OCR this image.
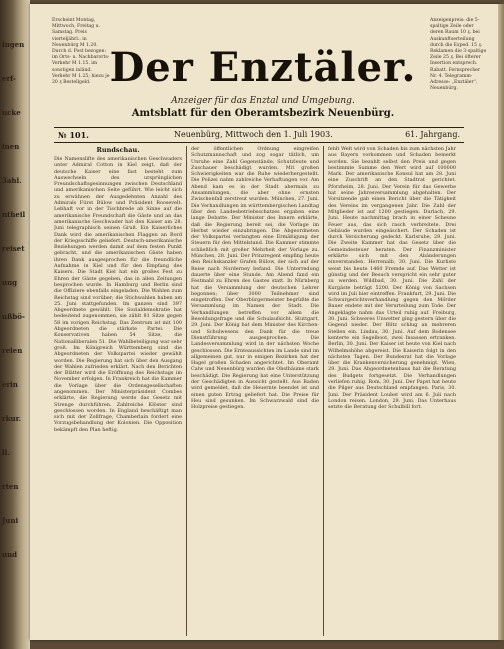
ingen
erf-
ucke
inen
3ahl.
ntheil
reiset
ung
ußbö-
reien
erin
rkur.
ll.
rten
Juni
und
Erscheint Montag, Mittwoch, Freitag u. Samstag. Preis vierteljährl.: in Neuenbürg M 1.20. Durch d. Post bezogen: im Orts- u. Nachbarorts-Verkehr M 1.15. im sonstigen inländ. Verkehr M 1.25; hiezu je 20 ₰ Bestellgeld. Der Enztäler.
Anzeiger für das Enztal und Umgebung.
Amtsblatt für den Oberamtsbezirk Neuenbürg.
Anzeigenpreis: die 5-spaltige Zeile oder deren Raum 10 ₰. bei Auskunftserteilung durch die Exped. 15 ₰. Reklamen die 3-spaltige Zeile 25 ₰. Bei öfterer Insertion entsprech. Rabatt. Fernsprecher Nr. 4. Telegramm-Adresse: „Enztäler", Neuenbürg.
№ 101.	Neuenbürg, Mittwoch den 1. Juli 1903.	61. Jahrgang.
Rundschau.
Die Namenslifte des amerikanischen Geschwaders unter Admiral Cotton in Kiel zeigt, daß der deutsche Kaiser eine fast besteht zum Auswechseln des ursprünglichen Freundschaftsgesinnungen zwischen Deutschland und amerikanischen Seite geführt. Wie leicht sich zu erwähnen der Ausgedehnten Anzahl des Admirals Fürst Bülow und Präsident Roosevelt. Lebhaft vor in der Tischbrede ab Sinne auf die amerikanische Freundschaft die Gäste und an das amerikanische Geschwader hat den Kaiser am 28. Juni telegraphisch seinen Gruß. Ein Kaiserliches Dank wird die amerikanischen Flaggen an Bord der Kriegsschiffe geliefert. Deutsch-amerikanische Beziehungen werden damit auf dem festen Punkt gebracht, und die amerikanischen Gäste haben ihren Dank ausgesprochen für die freundliche Aufnahme in Kiel und für den Empfang des Kaisers. Die Stadt Kiel hat ein großes Fest zu Ehren der Gäste gegeben, das in allen Zeitungen besprochen wurde. In Hamburg und Berlin sind die Offiziere ebenfalls eingeladen. Die Wahlen zum Reichstag sind vorüber; die Stichwahlen haben am 25. Juni stattgefunden. Im ganzen sind 397 Abgeordnete gewählt. Die Sozialdemokratie hat bedeutend zugenommen, sie zählt 81 Sitze gegen 58 im vorigen Reichstag. Das Zentrum ist mit 100 Abgeordneten die stärkste Partei. Die Konservativen haben 54 Sitze, die Nationalliberalen 51. Die Wahlbeteiligung war sehr groß. Im Königreich Württemberg sind die Abgeordneten der Volkspartei wieder gewählt worden. Die Regierung hat sich über den Ausgang der Wahlen zufrieden erklärt. Nach den Berichten der Blätter wird die Eröffnung des Reichstags im November erfolgen. In Frankreich hat die Kammer die Vorlage über die Ordensgesellschaften angenommen. Der Ministerpräsident Combes erklärte, die Regierung werde das Gesetz mit Strenge durchführen. Zahlreiche Klöster sind geschlossen worden. In England beschäftigt man sich mit der Zollfrage, Chamberlain fordert eine Vorzugsbehandlung der Kolonien. Die Opposition bekämpft den Plan heftig.
der öffentlichen Ordnung eingreifen Schutzmannschaft und zog sogar tätlich, um Unruhe eine Zahl Gegenstände, Schutzleute und Zuschauer beschädigt wurden. Mit großen Schwierigkeiten war die Ruhe wiederhergestellt. Die Polizei nahm zahlreiche Verhaftungen vor. Am Abend kam es in der Stadt abermals zu Ansammlungen, die aber ohne ernsten Zwischenfall zerstreut wurden. München, 27. Juni. Die Verhandlungen im württembergischen Landtag über den Landesbetriebsschatzes ergaben eine lange Debatte. Der Minister des Innern erklärte, daß die Regierung bereit sei, die Vorlage im Herbst wieder einzubringen. Die Abgeordneten der Volkspartei verlangten eine Ermäßigung der Steuern für den Mittelstand. Die Kammer stimmte schließlich mit großer Mehrheit der Vorlage zu. München, 28. Juni. Der Prinzregent empfing heute den Reichskanzler Grafen Bülow, der sich auf der Reise nach Norderney befand. Die Unterredung dauerte über eine Stunde. Am Abend fand ein Festmahl zu Ehren des Gastes statt. In Nürnberg hat die Versammlung der deutschen Lehrer begonnen; über 3000 Teilnehmer sind eingetroffen. Der Oberbürgermeister begrüßte die Versammlung im Namen der Stadt. Die Verhandlungen betreffen vor allem die Besoldungsfrage und die Schulaufsicht. Stuttgart, 29. Juni. Der König hat dem Minister des Kirchen- und Schulwesens den Dank für die treue Dienstführung ausgesprochen. Die Landesversammlung wird in der nächsten Woche geschlossen. Die Ernteaussichten im Lande sind im allgemeinen gut, nur in einigen Bezirken hat der Hagel großen Schaden angerichtet. Im Oberamt Calw und Neuenbürg wurden die Obstbäume stark beschädigt. Die Regierung hat eine Unterstützung der Geschädigten in Aussicht gestellt. Aus Baden wird gemeldet, daß die Heuernte beendet ist und einen guten Ertrag geliefert hat. Die Preise für Heu sind gesunken. Im Schwarzwald sind die Holzpreise gestiegen.
fehlt Welt wird von Schaden bis zum nächsten Jahr aus Bayern vorkommen und Schaden bemerkt worden. Sie bezahlt selbst den Preis und gegen bestimmte Summe den Wert wird auf 100000 Mark. Der amerikanische Konsul hat am 28. Juni eine Zuschrift an den Stadtrat gerichtet. Pforzheim, 28. Juni. Der Verein für das Gewerbe hat seine Jahresversammlung abgehalten. Der Vorsitzende gab einen Bericht über die Tätigkeit des Vereins im vergangenen Jahr. Die Zahl der Mitglieder ist auf 1200 gestiegen. Durlach, 29. Juni. Heute nachmittag brach in einer Scheune Feuer aus, das sich rasch verbreitete. Drei Gebäude wurden eingeäschert. Der Schaden ist durch Versicherung gedeckt. Karlsruhe, 29. Juni. Die Zweite Kammer hat das Gesetz über die Gemeindesteuer beraten. Der Finanzminister erklärte sich mit den Abänderungen einverstanden. Herrenalb, 30. Juni. Die Kurliste weist bis heute 1460 Fremde auf. Das Wetter ist günstig und der Besuch verspricht ein sehr guter zu werden. Wildbad, 30. Juni. Die Zahl der Kurgäste beträgt 5200. Der König von Sachsen wird im Juli hier eintreffen. Frankfurt, 29. Juni. Die Schwurgerichtsverhandlung gegen den Mörder Bauer endete mit der Verurteilung zum Tode. Der Angeklagte nahm das Urteil ruhig auf. Freiburg, 30. Juni. Schweres Unwetter ging gestern über die Gegend nieder. Der Blitz schlug an mehreren Stellen ein. Lindau, 30. Juni. Auf dem Bodensee kenterte ein Segelboot, zwei Insassen ertranken. Berlin, 30. Juni. Der Kaiser ist heute von Kiel nach Wilhelmshöhe abgereist. Die Kaiserin folgt in den nächsten Tagen. Der Bundesrat hat die Vorlage über die Krankenversicherung genehmigt. Wien, 29. Juni. Das Abgeordnetenhaus hat die Beratung des Budgets fortgesetzt. Die Verhandlungen verliefen ruhig. Rom, 30. Juni. Der Papst hat heute die Pilger aus Deutschland empfangen. Paris, 30. Juni. Der Präsident Loubet wird am 6. Juli nach London reisen. London, 29. Juni. Das Unterhaus setzte die Beratung der Schulbill fort.
